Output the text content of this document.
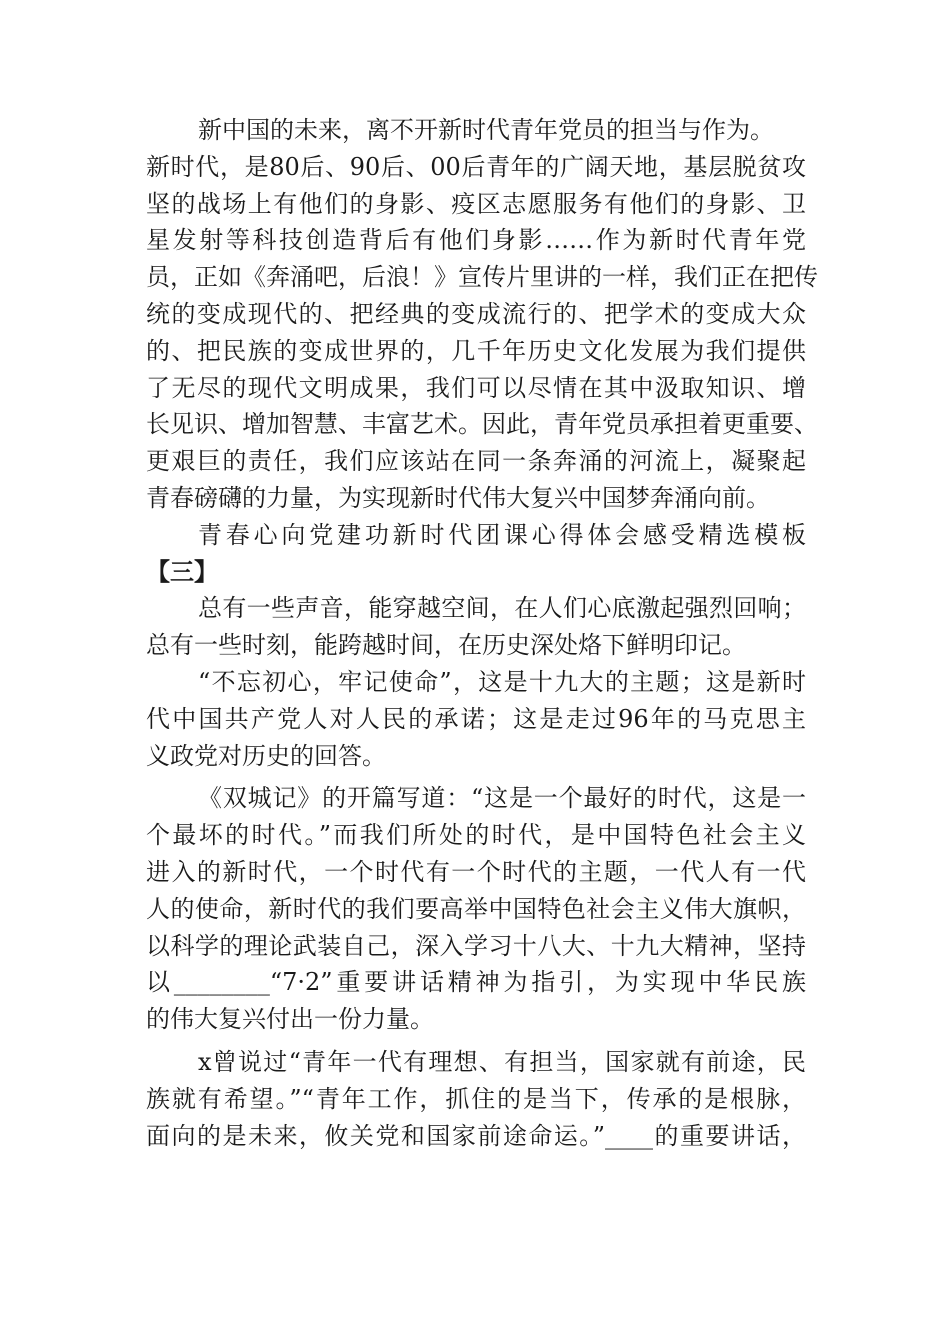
新中国的未来，离不开新时代青年党员的担当与作为。
新时代，是80后、90后、00后青年的广阔天地，基层脱贫攻
坚的战场上有他们的身影、疫区志愿服务有他们的身影、卫
星发射等科技创造背后有他们身影……作为新时代青年党
员，正如《奔涌吧，后浪！》宣传片里讲的一样，我们正在把传
统的变成现代的、把经典的变成流行的、把学术的变成大众
的、把民族的变成世界的，几千年历史文化发展为我们提供
了无尽的现代文明成果，我们可以尽情在其中汲取知识、增
长见识、增加智慧、丰富艺术。因此，青年党员承担着更重要、
更艰巨的责任，我们应该站在同一条奔涌的河流上，凝聚起
青春磅礴的力量，为实现新时代伟大复兴中国梦奔涌向前。
青春心向党建功新时代团课心得体会感受精选模板
【三】
总有一些声音，能穿越空间，在人们心底激起强烈回响；
总有一些时刻，能跨越时间，在历史深处烙下鲜明印记。
“不忘初心，牢记使命”，这是十九大的主题；这是新时
代中国共产党人对人民的承诺；这是走过96年的马克思主
义政党对历史的回答。
《双城记》的开篇写道：“这是一个最好的时代，这是一
个最坏的时代。”而我们所处的时代，是中国特色社会主义
进入的新时代，一个时代有一个时代的主题，一代人有一代
人的使命，新时代的我们要高举中国特色社会主义伟大旗帜，
以科学的理论武装自己，深入学习十八大、十九大精神，坚持
以________“7·2”重要讲话精神为指引，为实现中华民族
的伟大复兴付出一份力量。
x曾说过“青年一代有理想、有担当，国家就有前途，民
族就有希望。”“青年工作，抓住的是当下，传承的是根脉，
面向的是未来，攸关党和国家前途命运。”____的重要讲话，
